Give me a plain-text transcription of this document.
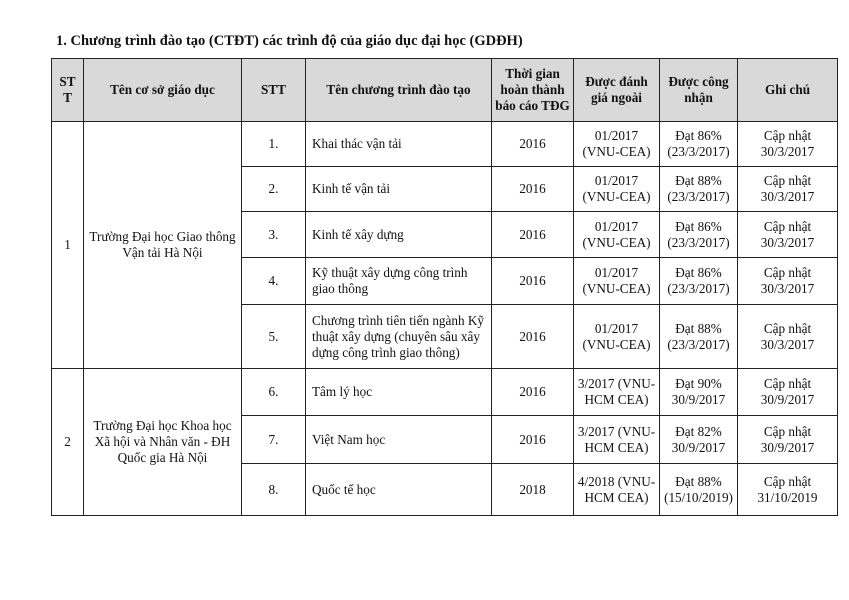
1. Chương trình đào tạo (CTĐT) các trình độ của giáo dục đại học (GDĐH)
ST T	Tên cơ sở giáo dục	STT	Tên chương trình đào tạo	Thời gian hoàn thành báo cáo TĐG	Được đánh giá ngoài	Được công nhận	Ghi chú
1	Trường Đại học Giao thông Vận tải Hà Nội	1.	Khai thác vận tải	2016	01/2017 (VNU-CEA)	Đạt 86% (23/3/2017)	Cập nhật 30/3/2017
		2.	Kinh tế vận tải	2016	01/2017 (VNU-CEA)	Đạt 88% (23/3/2017)	Cập nhật 30/3/2017
		3.	Kinh tế xây dựng	2016	01/2017 (VNU-CEA)	Đạt 86% (23/3/2017)	Cập nhật 30/3/2017
		4.	Kỹ thuật xây dựng công trình giao thông	2016	01/2017 (VNU-CEA)	Đạt 86% (23/3/2017)	Cập nhật 30/3/2017
		5.	Chương trình tiên tiến ngành Kỹ thuật xây dựng (chuyên sâu xây dựng công trình giao thông)	2016	01/2017 (VNU-CEA)	Đạt 88% (23/3/2017)	Cập nhật 30/3/2017
2	Trường Đại học Khoa học Xã hội và Nhân văn - ĐH Quốc gia Hà Nội	6.	Tâm lý học	2016	3/2017 (VNU-HCM CEA)	Đạt 90% 30/9/2017	Cập nhật 30/9/2017
		7.	Việt Nam học	2016	3/2017 (VNU-HCM CEA)	Đạt 82% 30/9/2017	Cập nhật 30/9/2017
		8.	Quốc tế học	2018	4/2018 (VNU-HCM CEA)	Đạt 88% (15/10/2019)	Cập nhật 31/10/2019
